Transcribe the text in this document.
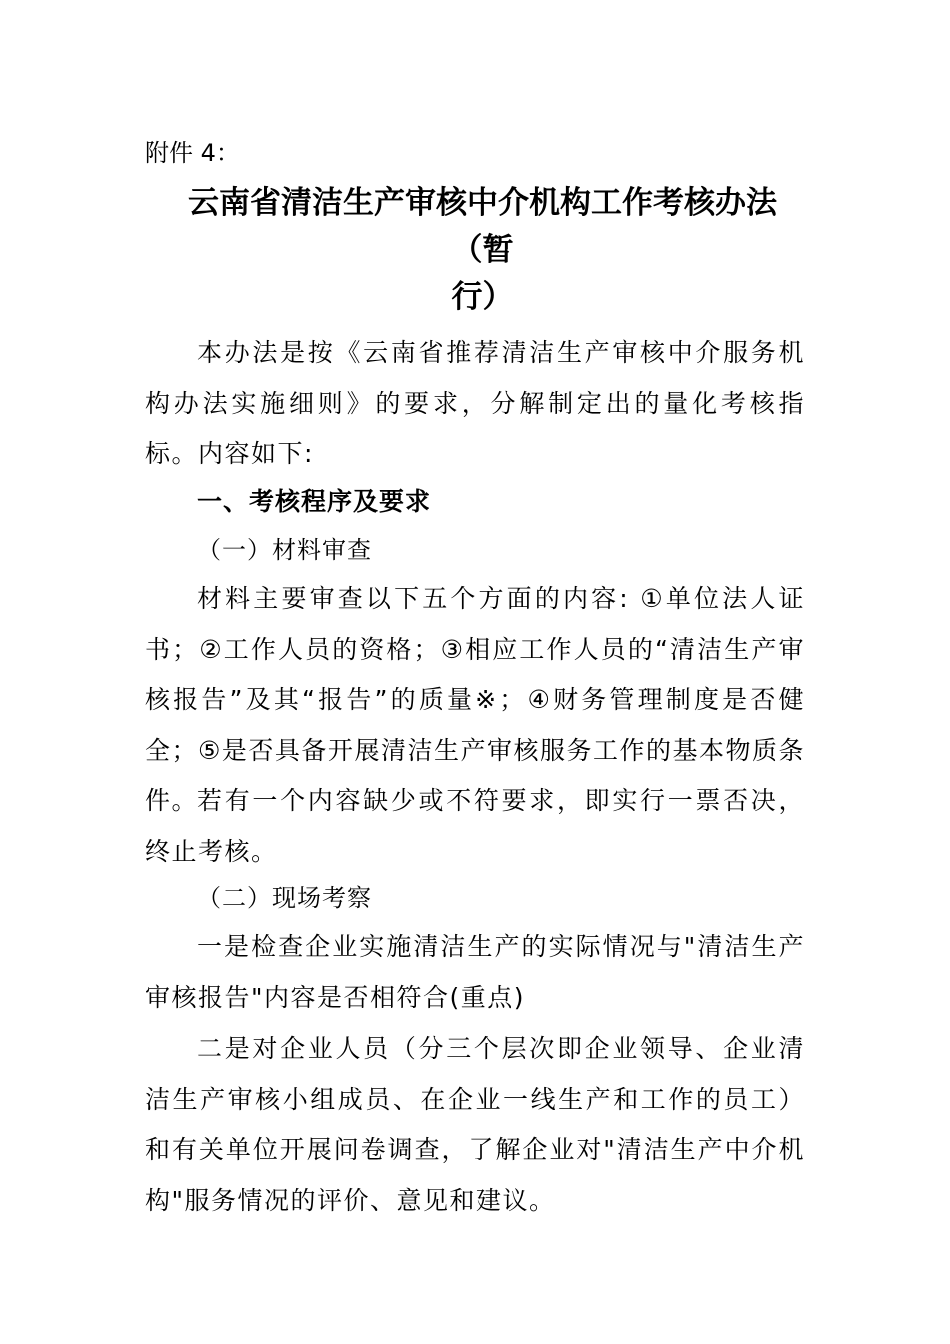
附件 4：
云南省清洁生产审核中介机构工作考核办法（暂
行）

本办法是按《云南省推荐清洁生产审核中介服务机构办法实施细则》的要求，分解制定出的量化考核指标。内容如下:

一、考核程序及要求
（一）材料审查

材料主要审查以下五个方面的内容: ①单位法人证书；②工作人员的资格；③相应工作人员的“清洁生产审核报告”及其“报告”的质量※；④财务管理制度是否健全；⑤是否具备开展清洁生产审核服务工作的基本物质条件。

若有一个内容缺少或不符要求，即实行一票否决，终止考核。

（二）现场考察

一是检查企业实施清洁生产的实际情况与"清洁生产审核报告"内容是否相符合(重点)

二是对企业人员（分三个层次即企业领导、企业清洁生产审核小组成员、在企业一线生产和工作的员工）和有关单位开展问卷调查，了解企业对"清洁生产中介机构"服务情况的评价、意见和建议。
